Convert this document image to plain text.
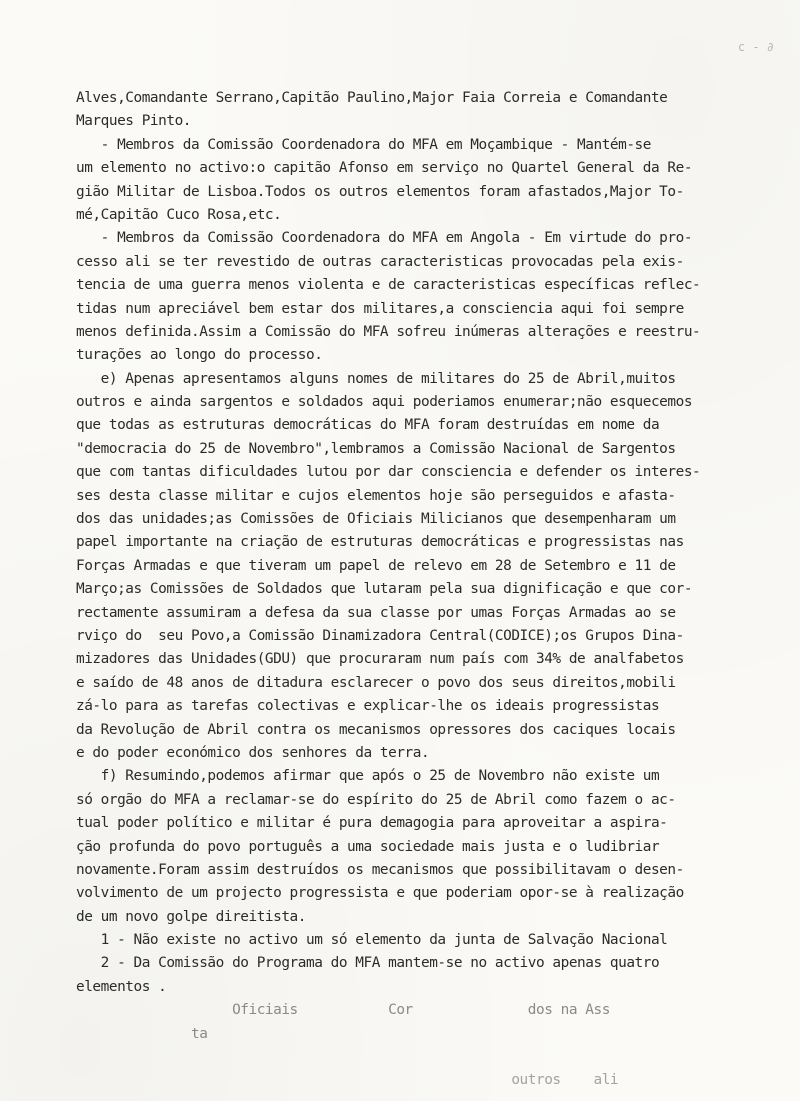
c - ∂
Alves,Comandante Serrano,Capitão Paulino,Major Faia Correia e Comandante
Marques Pinto.
- Membros da Comissão Coordenadora do MFA em Moçambique - Mantém-se
um elemento no activo:o capitão Afonso em serviço no Quartel General da Re-
gião Militar de Lisboa.Todos os outros elementos foram afastados,Major To-
mé,Capitão Cuco Rosa,etc.
- Membros da Comissão Coordenadora do MFA em Angola - Em virtude do pro-
cesso ali se ter revestido de outras caracteristicas provocadas pela exis-
tencia de uma guerra menos violenta e de caracteristicas específicas reflec-
tidas num apreciável bem estar dos militares,a consciencia aqui foi sempre
menos definida.Assim a Comissão do MFA sofreu inúmeras alterações e reestru-
turações ao longo do processo.
e) Apenas apresentamos alguns nomes de militares do 25 de Abril,muitos
outros e ainda sargentos e soldados aqui poderiamos enumerar;não esquecemos
que todas as estruturas democráticas do MFA foram destruídas em nome da
"democracia do 25 de Novembro",lembramos a Comissão Nacional de Sargentos
que com tantas dificuldades lutou por dar consciencia e defender os interes-
ses desta classe militar e cujos elementos hoje são perseguidos e afasta-
dos das unidades;as Comissões de Oficiais Milicianos que desempenharam um
papel importante na criação de estruturas democráticas e progressistas nas
Forças Armadas e que tiveram um papel de relevo em 28 de Setembro e 11 de
Março;as Comissões de Soldados que lutaram pela sua dignificação e que cor-
rectamente assumiram a defesa da sua classe por umas Forças Armadas ao se
rviço do  seu Povo,a Comissão Dinamizadora Central(CODICE);os Grupos Dina-
mizadores das Unidades(GDU) que procuraram num país com 34% de analfabetos
e saído de 48 anos de ditadura esclarecer o povo dos seus direitos,mobili
zá-lo para as tarefas colectivas e explicar-lhe os ideais progressistas
da Revolução de Abril contra os mecanismos opressores dos caciques locais
e do poder económico dos senhores da terra.
f) Resumindo,podemos afirmar que após o 25 de Novembro não existe um
só orgão do MFA a reclamar-se do espírito do 25 de Abril como fazem o ac-
tual poder político e militar é pura demagogia para aproveitar a aspira-
ção profunda do povo português a uma sociedade mais justa e o ludibriar
novamente.Foram assim destruídos os mecanismos que possibilitavam o desen-
volvimento de um projecto progressista e que poderiam opor-se à realização
de um novo golpe direitista.
1 - Não existe no activo um só elemento da junta de Salvação Nacional
2 - Da Comissão do Programa do MFA mantem-se no activo apenas quatro
elementos .
Oficiais           Cor              dos na Ass
ta

outros    ali
